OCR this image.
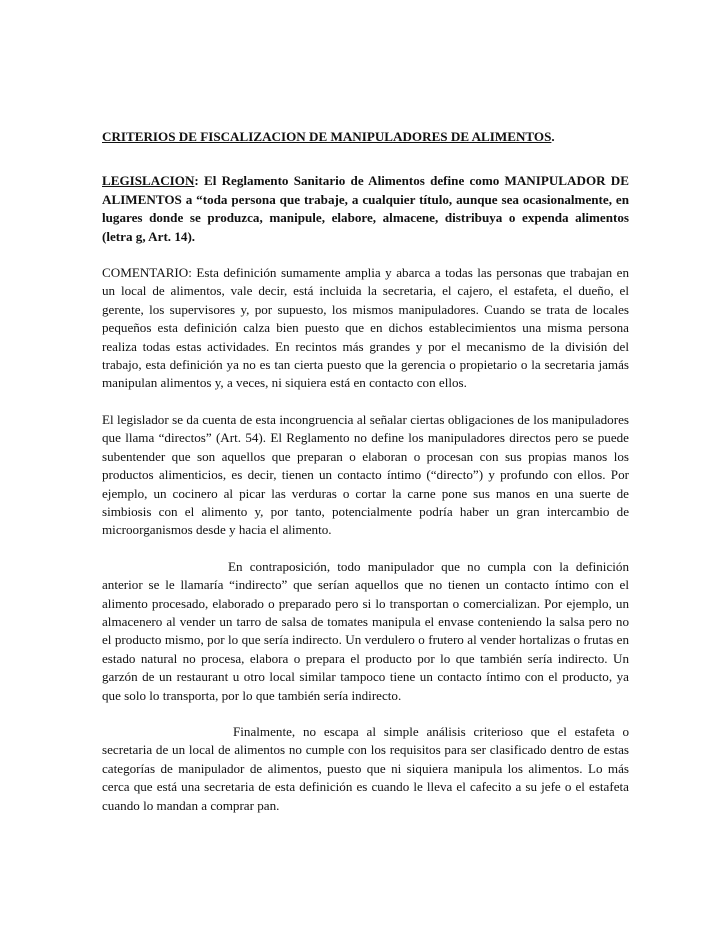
CRITERIOS DE FISCALIZACION DE MANIPULADORES DE ALIMENTOS.

LEGISLACION: El Reglamento Sanitario de Alimentos define como MANIPULADOR DE ALIMENTOS a “toda persona que trabaje, a cualquier título, aunque sea ocasionalmente, en lugares donde se produzca, manipule, elabore, almacene, distribuya o expenda alimentos (letra g, Art. 14).

COMENTARIO: Esta definición sumamente amplia y abarca a todas las personas que trabajan en un local de alimentos, vale decir, está incluida la secretaria, el cajero, el estafeta, el dueño, el gerente, los supervisores y, por supuesto, los mismos manipuladores. Cuando se trata de locales pequeños esta definición calza bien puesto que en dichos establecimientos una misma persona realiza todas estas actividades. En recintos más grandes y por el mecanismo de la división del trabajo, esta definición ya no es tan cierta puesto que la gerencia o propietario o la secretaria jamás manipulan alimentos y, a veces, ni siquiera está en contacto con ellos.

El legislador se da cuenta de esta incongruencia al señalar ciertas obligaciones de los manipuladores que llama “directos” (Art. 54). El Reglamento no define los manipuladores directos pero se puede subentender que son aquellos que preparan o elaboran o procesan con sus propias manos los productos alimenticios, es decir, tienen un contacto íntimo (“directo”) y profundo con ellos. Por ejemplo, un cocinero al picar las verduras o cortar la carne pone sus manos en una suerte de simbiosis con el alimento y, por tanto, potencialmente podría haber un gran intercambio de microorganismos desde y hacia el alimento.

En contraposición, todo manipulador que no cumpla con la definición anterior se le llamaría “indirecto” que serían aquellos que no tienen un contacto íntimo con el alimento procesado, elaborado o preparado pero si lo transportan o comercializan. Por ejemplo, un almacenero al vender un tarro de salsa de tomates manipula el envase conteniendo la salsa pero no el producto mismo, por lo que sería indirecto. Un verdulero o frutero al vender hortalizas o frutas en estado natural no procesa, elabora o prepara el producto por lo que también sería indirecto. Un garzón de un restaurant u otro local similar tampoco tiene un contacto íntimo con el producto, ya que solo lo transporta, por lo que también sería indirecto.

Finalmente, no escapa al simple análisis criterioso que el estafeta o secretaria de un local de alimentos no cumple con los requisitos para ser clasificado dentro de estas categorías de manipulador de alimentos, puesto que ni siquiera manipula los alimentos. Lo más cerca que está una secretaria de esta definición es cuando le lleva el cafecito a su jefe o el estafeta cuando lo mandan a comprar pan.
